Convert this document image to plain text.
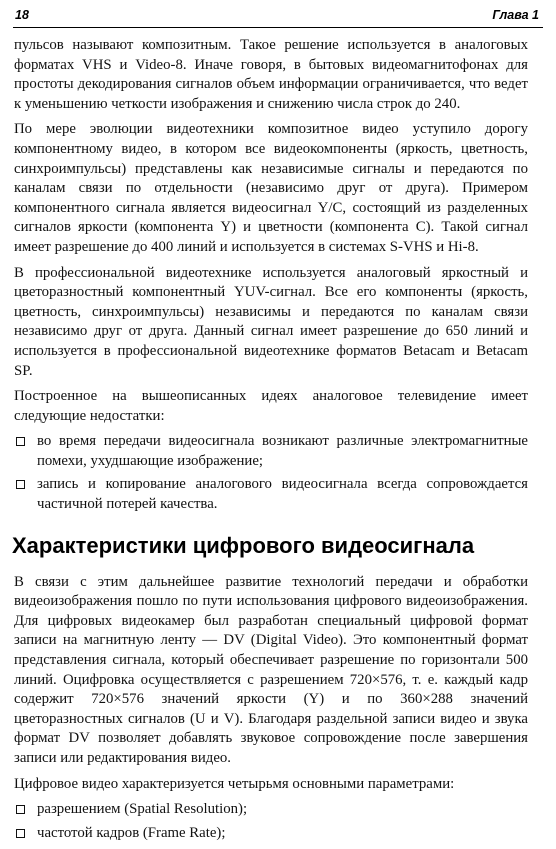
18	Глава 1

пульсов называют композитным. Такое решение используется в аналоговых форматах VHS и Video-8. Иначе говоря, в бытовых видеомагнитофонах для простоты декодирования сигналов объем информации ограничивается, что ведет к уменьшению четкости изображения и снижению числа строк до 240.

По мере эволюции видеотехники композитное видео уступило дорогу компонентному видео, в котором все видеокомпоненты (яркость, цветность, синхроимпульсы) представлены как независимые сигналы и передаются по каналам связи по отдельности (независимо друг от друга). Примером компонентного сигнала является видеосигнал Y/C, состоящий из разделенных сигналов яркости (компонента Y) и цветности (компонента C). Такой сигнал имеет разрешение до 400 линий и используется в системах S-VHS и Hi-8.

В профессиональной видеотехнике используется аналоговый яркостный и цветоразностный компонентный YUV-сигнал. Все его компоненты (яркость, цветность, синхроимпульсы) независимы и передаются по каналам связи независимо друг от друга. Данный сигнал имеет разрешение до 650 линий и используется в профессиональной видеотехнике форматов Betacam и Betacam SP.

Построенное на вышеописанных идеях аналоговое телевидение имеет следующие недостатки:

во время передачи видеосигнала возникают различные электромагнитные помехи, ухудшающие изображение;
запись и копирование аналогового видеосигнала всегда сопровождается частичной потерей качества.
Характеристики цифрового видеосигнала

В связи с этим дальнейшее развитие технологий передачи и обработки видеоизображения пошло по пути использования цифрового видеоизображения. Для цифровых видеокамер был разработан специальный цифровой формат записи на магнитную ленту — DV (Digital Video). Это компонентный формат представления сигнала, который обеспечивает разрешение по горизонтали 500 линий. Оцифровка осуществляется с разрешением 720×576, т. е. каждый кадр содержит 720×576 значений яркости (Y) и по 360×288 значений цветоразностных сигналов (U и V). Благодаря раздельной записи видео и звука формат DV позволяет добавлять звуковое сопровождение после завершения записи или редактирования видео.

Цифровое видео характеризуется четырьмя основными параметрами:

разрешением (Spatial Resolution);
частотой кадров (Frame Rate);
